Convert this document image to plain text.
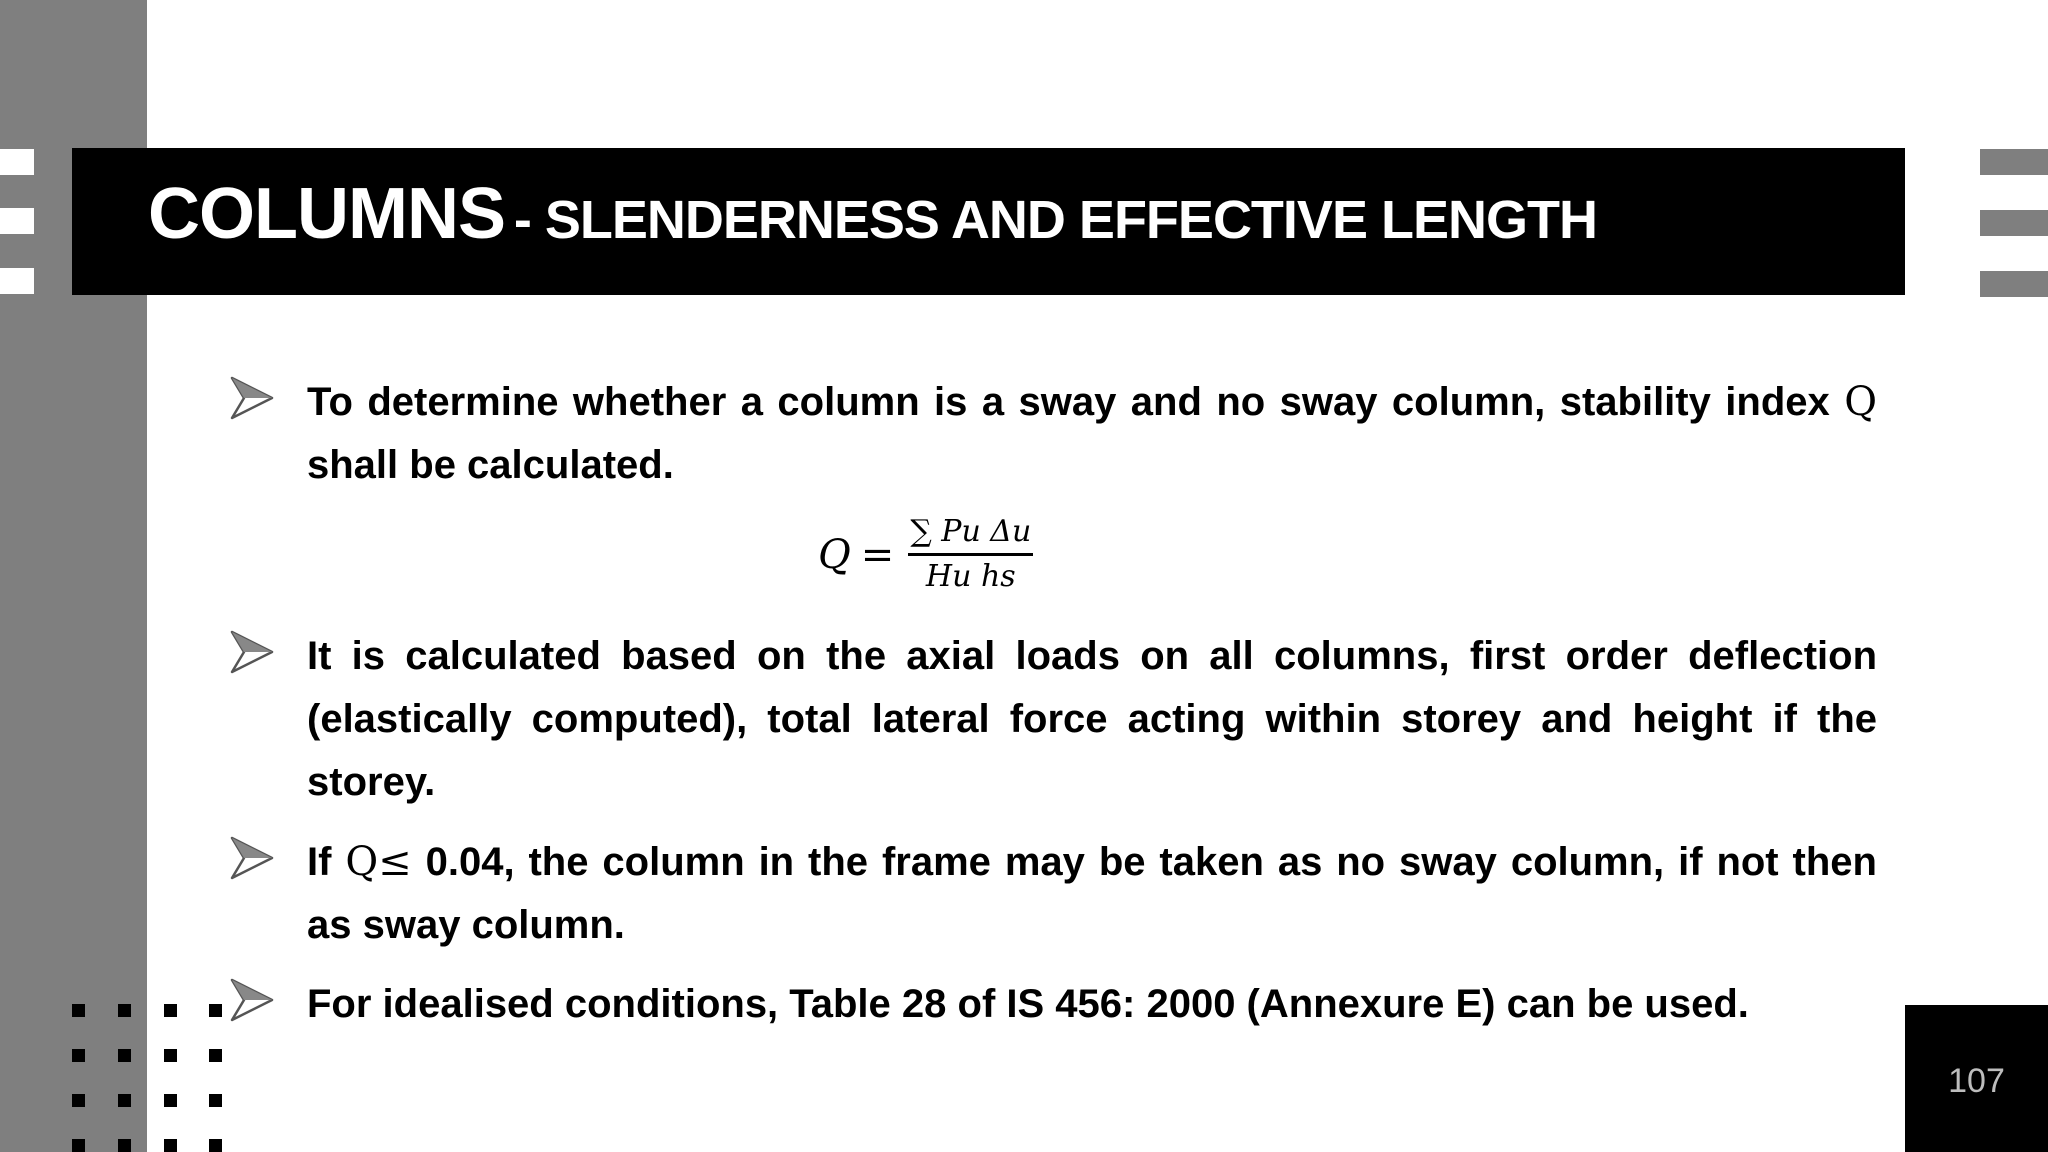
COLUMNS - SLENDERNESS AND EFFECTIVE LENGTH

To determine whether a column is a sway and no sway column, stability index Q shall be calculated.

$Q = \frac{\text{∑ Pu Δu}}{\text{Hu hs}}$

It is calculated based on the axial loads on all columns, first order deflection (elastically computed), total lateral force acting within storey and height if the storey.

If Q≤ 0.04, the column in the frame may be taken as no sway column, if not then as sway column.

For idealised conditions, Table 28 of IS 456: 2000 (Annexure E) can be used.

107
